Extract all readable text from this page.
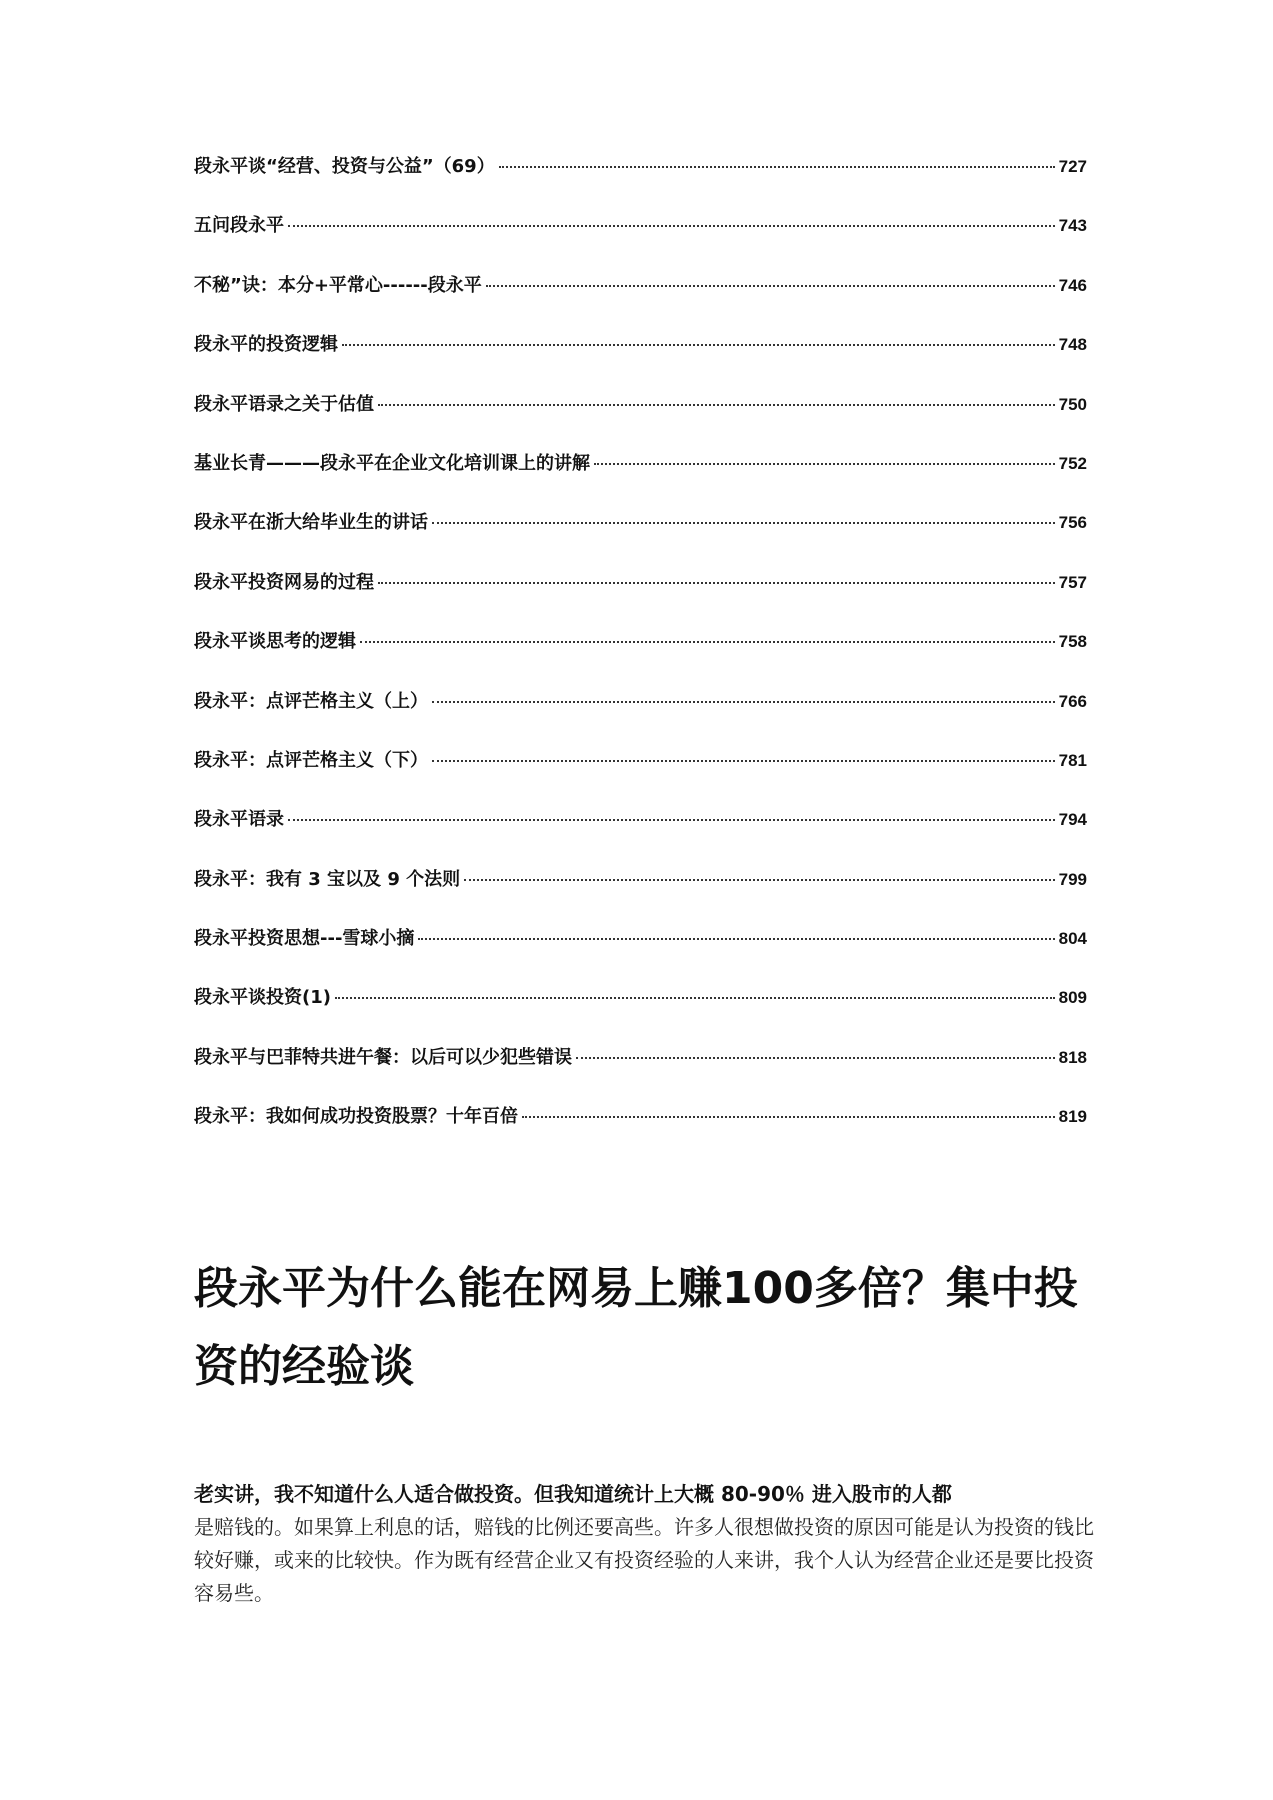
段永平谈“经营、投资与公益”（69）	727
五问段永平	743
不秘”诀：本分+平常心------段永平	746
段永平的投资逻辑	748
段永平语录之关于估值	750
基业长青———段永平在企业文化培训课上的讲解	752
段永平在浙大给毕业生的讲话	756
段永平投资网易的过程	757
段永平谈思考的逻辑	758
段永平：点评芒格主义（上）	766
段永平：点评芒格主义（下）	781
段永平语录	794
段永平：我有 3 宝以及 9 个法则	799
段永平投资思想---雪球小摘	804
段永平谈投资(1)	809
段永平与巴菲特共进午餐：以后可以少犯些错误	818
段永平：我如何成功投资股票？十年百倍	819
段永平为什么能在网易上赚100多倍？集中投资的经验谈

老实讲，我不知道什么人适合做投资。但我知道统计上大概 80-90％ 进入股市的人都
是赔钱的。如果算上利息的话，赔钱的比例还要高些。许多人很想做投资的原因可能是认为投资的钱比较好赚，或来的比较快。作为既有经营企业又有投资经验的人来讲，我个人认为经营企业还是要比投资容易些。
